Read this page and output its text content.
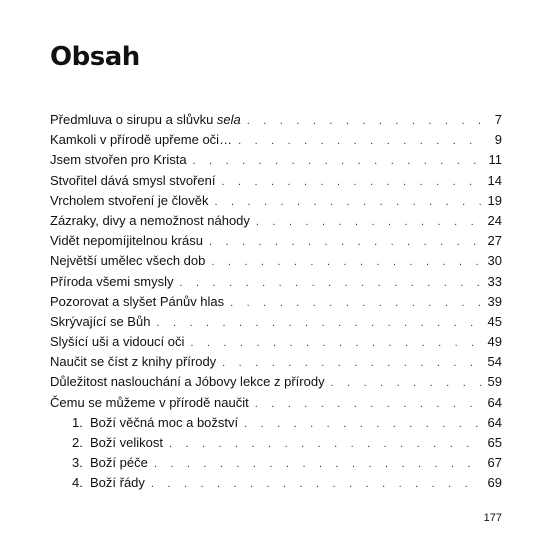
Obsah
Předmluva o sirupu a slůvku sela . . .	7
Kamkoli v přírodě upřeme oči… . . .	9
Jsem stvořen pro Krista . . .	11
Stvořitel dává smysl stvoření . . .	14
Vrcholem stvoření je člověk . . .	19
Zázraky, divy a nemožnost náhody . . .	24
Vidět nepomíjitelnou krásu . . .	27
Největší umělec všech dob . . .	30
Příroda všemi smysly . . .	33
Pozorovat a slyšet Pánův hlas . . .	39
Skrývající se Bůh . . .	45
Slyšící uši a vidoucí oči . . .	49
Naučit se číst z knihy přírody . . .	54
Důležitost naslouchání a Jóbovy lekce z přírody . . .	59
Čemu se můžeme v přírodě naučit . . .	64
1. Boží věčná moc a božství . . .	64
2. Boží velikost . . .	65
3. Boží péče . . .	67
4. Boží řády . . .	69
177
